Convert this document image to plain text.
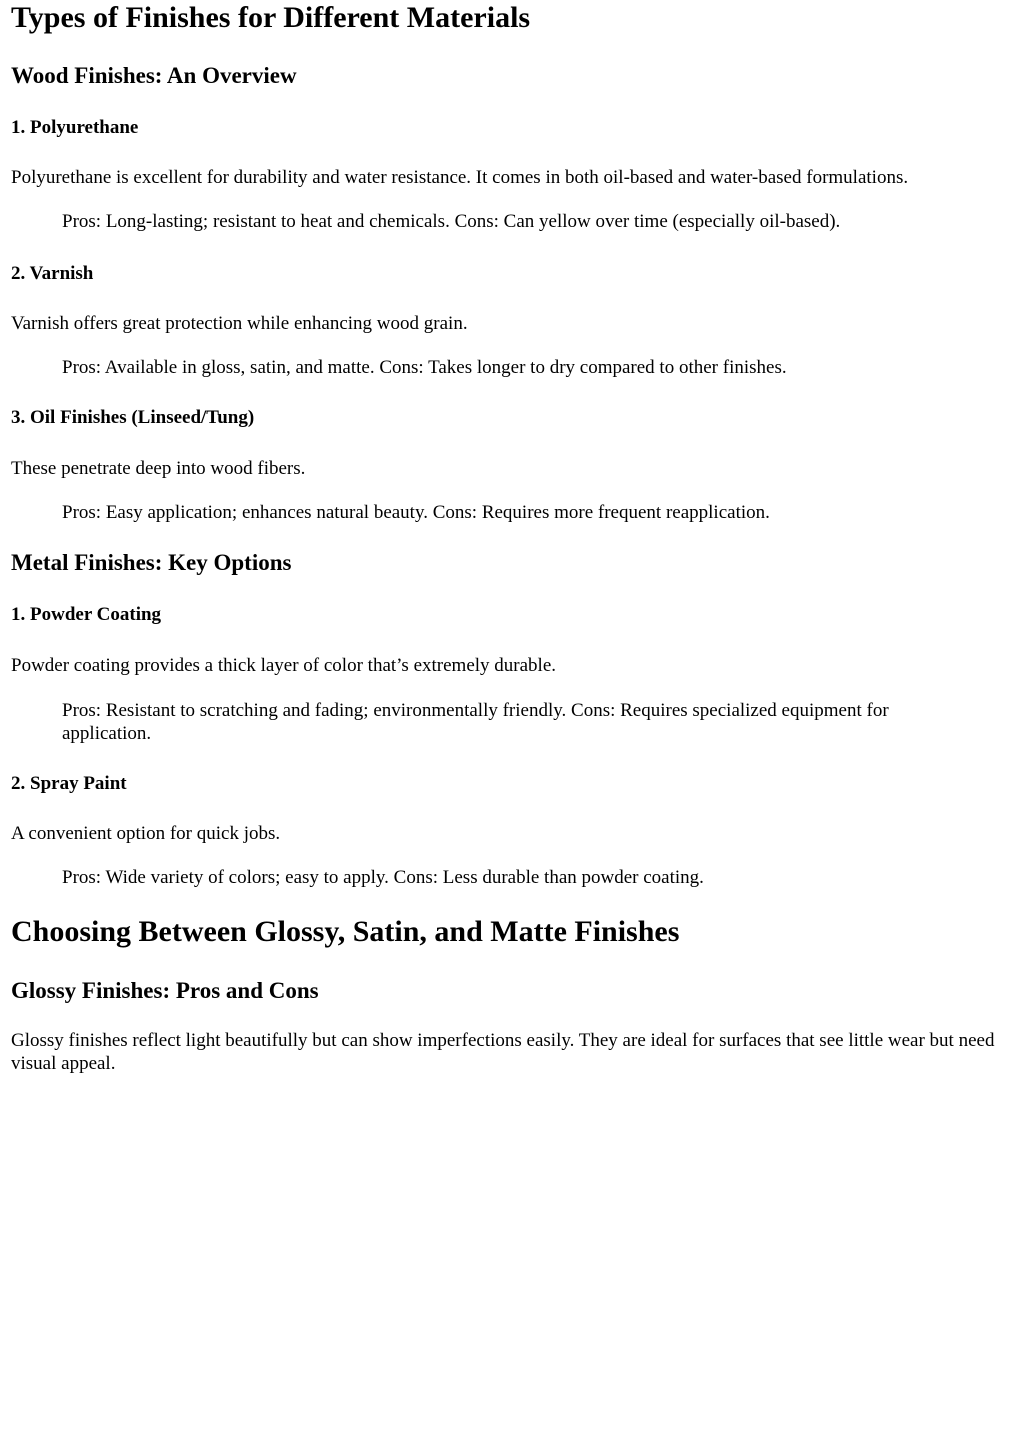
Types of Finishes for Different Materials
Wood Finishes: An Overview
1. Polyurethane

Polyurethane is excellent for durability and water resistance. It comes in both oil-based and water-based formulations.

Pros: Long-lasting; resistant to heat and chemicals. Cons: Can yellow over time (especially oil-based).

2. Varnish

Varnish offers great protection while enhancing wood grain.

Pros: Available in gloss, satin, and matte. Cons: Takes longer to dry compared to other finishes.

3. Oil Finishes (Linseed/Tung)

These penetrate deep into wood fibers.

Pros: Easy application; enhances natural beauty. Cons: Requires more frequent reapplication.

Metal Finishes: Key Options
1. Powder Coating

Powder coating provides a thick layer of color that’s extremely durable.

Pros: Resistant to scratching and fading; environmentally friendly. Cons: Requires specialized equipment for application.

2. Spray Paint

A convenient option for quick jobs.

Pros: Wide variety of colors; easy to apply. Cons: Less durable than powder coating.

Choosing Between Glossy, Satin, and Matte Finishes
Glossy Finishes: Pros and Cons

Glossy finishes reflect light beautifully but can show imperfections easily. They are ideal for surfaces that see little wear but need visual appeal.
